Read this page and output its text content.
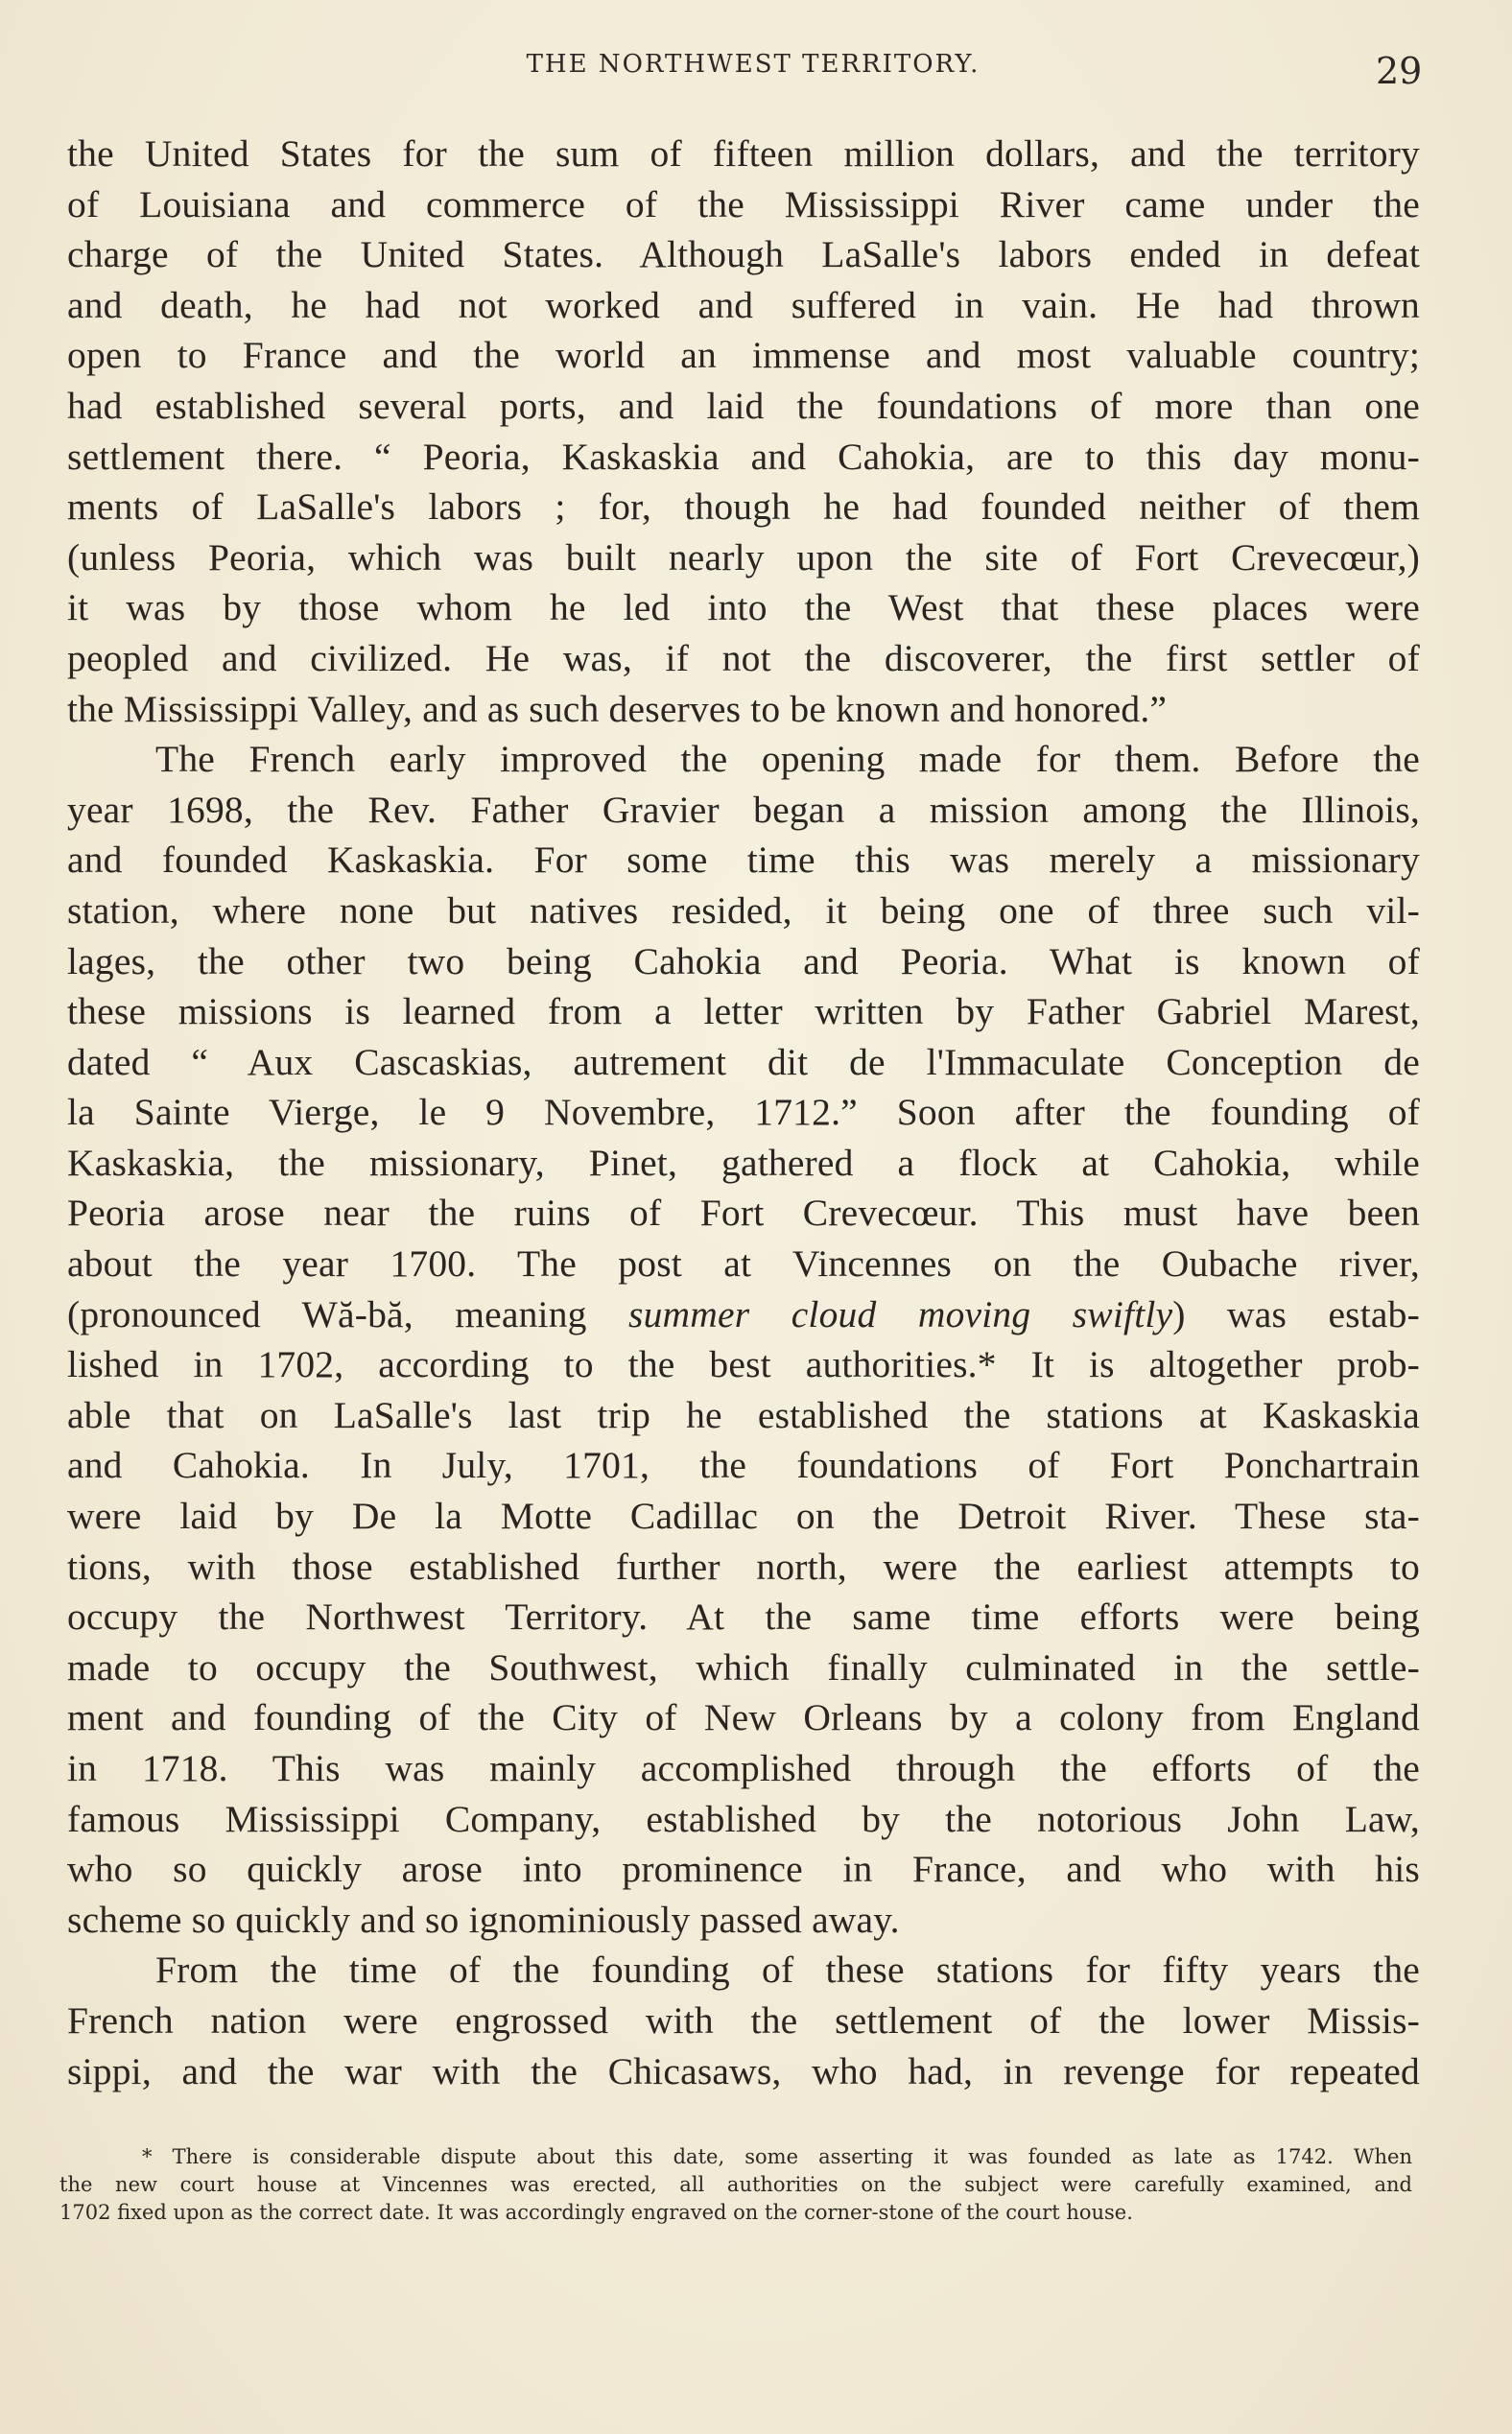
THE NORTHWEST TERRITORY.	29
the United States for the sum of fifteen million dollars, and the territory
of Louisiana and commerce of the Mississippi River came under the
charge of the United States. Although LaSalle's labors ended in defeat
and death, he had not worked and suffered in vain. He had thrown
open to France and the world an immense and most valuable country;
had established several ports, and laid the foundations of more than one
settlement there. “ Peoria, Kaskaskia and Cahokia, are to this day monu-
ments of LaSalle's labors ; for, though he had founded neither of them
(unless Peoria, which was built nearly upon the site of Fort Crevecœur,)
it was by those whom he led into the West that these places were
peopled and civilized. He was, if not the discoverer, the first settler of
the Mississippi Valley, and as such deserves to be known and honored.”
The French early improved the opening made for them. Before the
year 1698, the Rev. Father Gravier began a mission among the Illinois,
and founded Kaskaskia. For some time this was merely a missionary
station, where none but natives resided, it being one of three such vil-
lages, the other two being Cahokia and Peoria. What is known of
these missions is learned from a letter written by Father Gabriel Marest,
dated “ Aux Cascaskias, autrement dit de l'Immaculate Conception de
la Sainte Vierge, le 9 Novembre, 1712.” Soon after the founding of
Kaskaskia, the missionary, Pinet, gathered a flock at Cahokia, while
Peoria arose near the ruins of Fort Crevecœur. This must have been
about the year 1700. The post at Vincennes on the Oubache river,
(pronounced Wă-bă, meaning summer cloud moving swiftly) was estab-
lished in 1702, according to the best authorities.* It is altogether prob-
able that on LaSalle's last trip he established the stations at Kaskaskia
and Cahokia. In July, 1701, the foundations of Fort Ponchartrain
were laid by De la Motte Cadillac on the Detroit River. These sta-
tions, with those established further north, were the earliest attempts to
occupy the Northwest Territory. At the same time efforts were being
made to occupy the Southwest, which finally culminated in the settle-
ment and founding of the City of New Orleans by a colony from England
in 1718. This was mainly accomplished through the efforts of the
famous Mississippi Company, established by the notorious John Law,
who so quickly arose into prominence in France, and who with his
scheme so quickly and so ignominiously passed away.
From the time of the founding of these stations for fifty years the
French nation were engrossed with the settlement of the lower Missis-
sippi, and the war with the Chicasaws, who had, in revenge for repeated
* There is considerable dispute about this date, some asserting it was founded as late as 1742. When
the new court house at Vincennes was erected, all authorities on the subject were carefully examined, and
1702 fixed upon as the correct date. It was accordingly engraved on the corner-stone of the court house.
